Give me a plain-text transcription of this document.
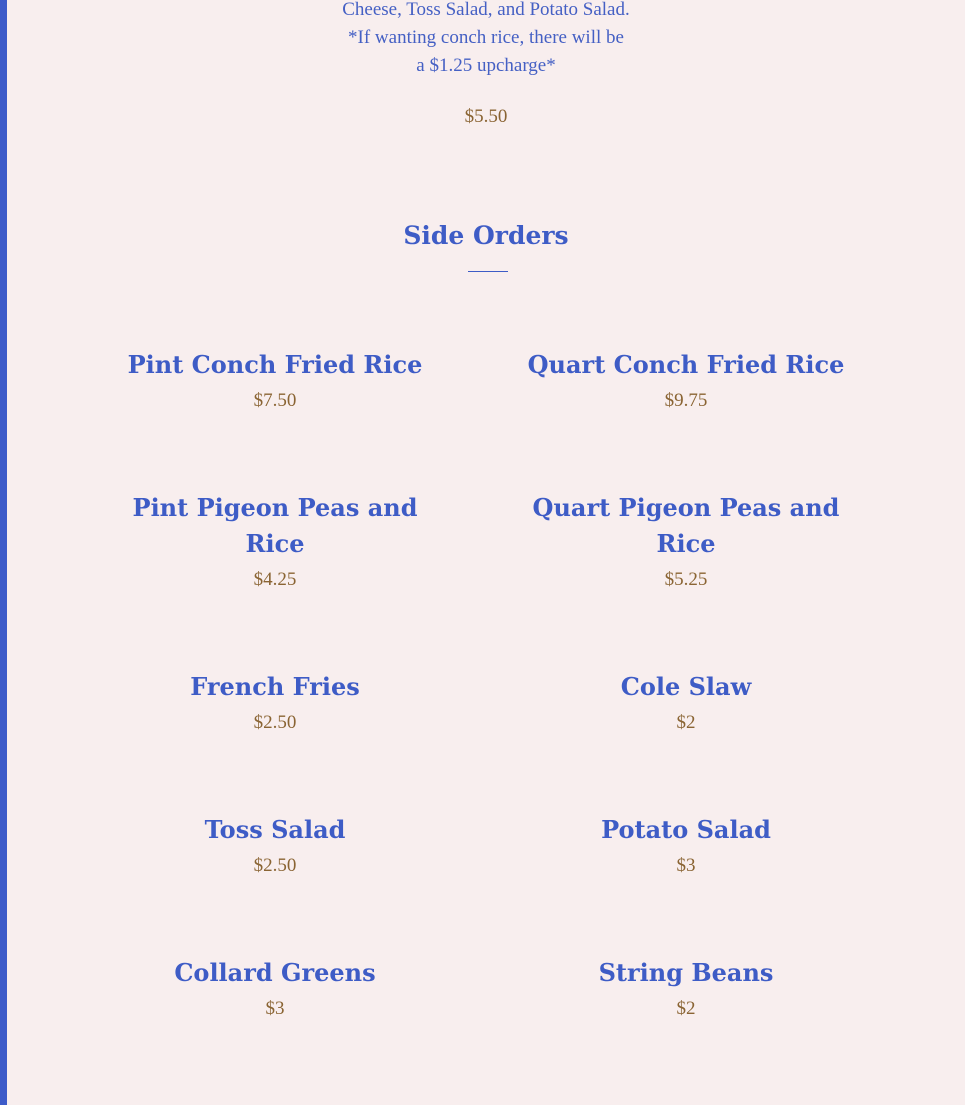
Cheese, Toss Salad, and Potato Salad.
*If wanting conch rice, there will be
a $1.25 upcharge*
$5.50
Side Orders
Pint Conch Fried Rice
$7.50
Quart Conch Fried Rice
$9.75
Pint Pigeon Peas and Rice
$4.25
Quart Pigeon Peas and Rice
$5.25
French Fries
$2.50
Cole Slaw
$2
Toss Salad
$2.50
Potato Salad
$3
Collard Greens
$3
String Beans
$2
